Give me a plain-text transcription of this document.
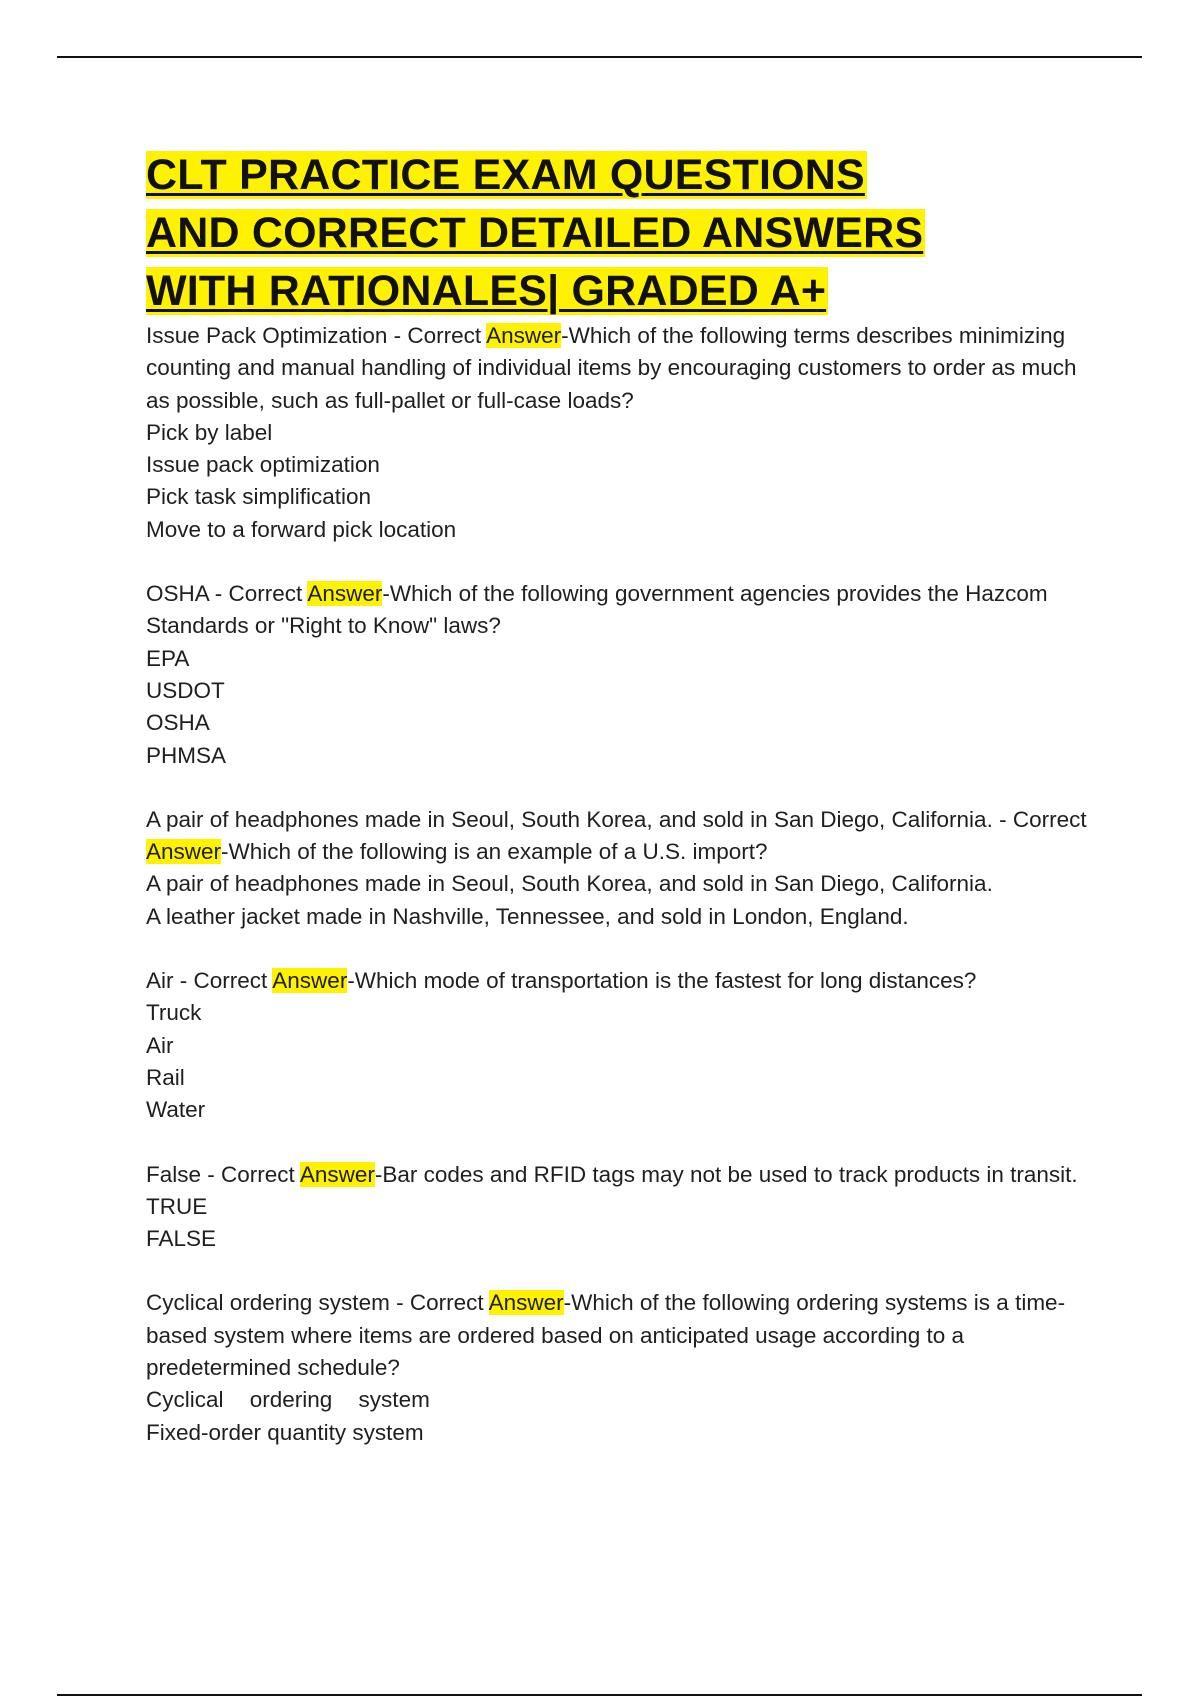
CLT PRACTICE EXAM QUESTIONS
AND CORRECT DETAILED ANSWERS
WITH RATIONALES| GRADED A+

Issue Pack Optimization - Correct Answer-Which of the following terms describes minimizing counting and manual handling of individual items by encouraging customers to order as much as possible, such as full-pallet or full-case loads?

Pick by label
Issue pack optimization
Pick task simplification
Move to a forward pick location

OSHA - Correct Answer-Which of the following government agencies provides the Hazcom Standards or "Right to Know" laws?

EPA
USDOT
OSHA
PHMSA

A pair of headphones made in Seoul, South Korea, and sold in San Diego, California. - Correct Answer-Which of the following is an example of a U.S. import?

A pair of headphones made in Seoul, South Korea, and sold in San Diego, California.
A leather jacket made in Nashville, Tennessee, and sold in London, England.

Air - Correct Answer-Which mode of transportation is the fastest for long distances?

Truck
Air
Rail
Water

False - Correct Answer-Bar codes and RFID tags may not be used to track products in transit.

TRUE
FALSE

Cyclical ordering system - Correct Answer-Which of the following ordering systems is a time-based system where items are ordered based on anticipated usage according to a predetermined schedule?

Cyclical ordering system
Fixed-order quantity system
